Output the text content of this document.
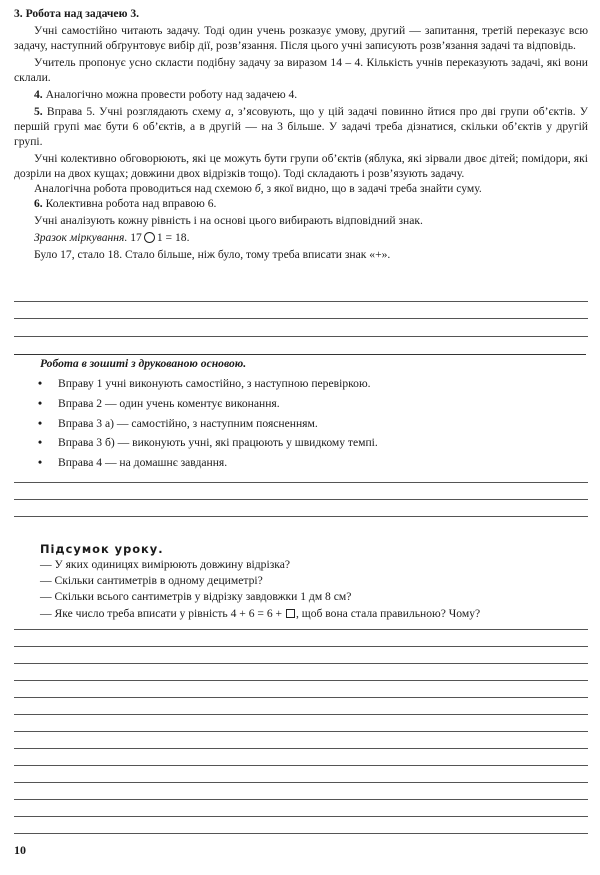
3. Робота над задачею 3.

Учні самостійно читають задачу. Тоді один учень розказує умову, другий — запитання, третій переказує всю задачу, наступний обґрунтовує вибір дії, розв’язання. Після цього учні записують розв’язання задачі та відповідь.

Учитель пропонує усно скласти подібну задачу за виразом 14 – 4. Кількість учнів переказують задачі, які вони склали.

4. Аналогічно можна провести роботу над задачею 4.

5. Вправа 5. Учні розглядають схему а, з’ясовують, що у цій задачі повинно йтися про дві групи об’єктів. У першій групі має бути 6 об’єктів, а в другій — на 3 більше. У задачі треба дізнатися, скільки об’єктів у другій групі.

Учні колективно обговорюють, які це можуть бути групи об’єктів (яблука, які зірвали двоє дітей; помідори, які дозріли на двох кущах; довжини двох відрізків тощо). Тоді складають і розв’язують задачу.

Аналогічна робота проводиться над схемою б, з якої видно, що в задачі треба знайти суму.

6. Колективна робота над вправою 6.

Учні аналізують кожну рівність і на основі цього вибирають відповідний знак.

Зразок міркування. 17 1 = 18.

Було 17, стало 18. Стало більше, ніж було, тому треба вписати знак «+».

Робота в зошиті з друкованою основою.
• Вправу 1 учні виконують самостійно, з наступною перевіркою.
• Вправа 2 — один учень коментує виконання.
• Вправа 3 а) — самостійно, з наступним поясненням.
• Вправа 3 б) — виконують учні, які працюють у швидкому темпі.
• Вправа 4 — на домашнє завдання.
Підсумок уроку.
— У яких одиницях вимірюють довжину відрізка?
— Скільки сантиметрів в одному дециметрі?
— Скільки всього сантиметрів у відрізку завдовжки 1 дм 8 см?
— Яке число треба вписати у рівність 4 + 6 = 6 + , щоб вона стала правильною? Чому?
10
